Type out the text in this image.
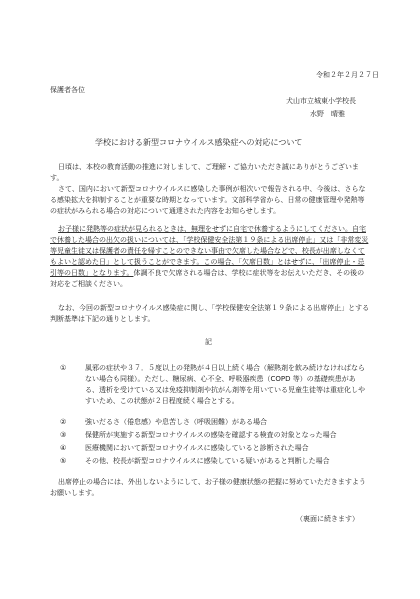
令和２年２月２７日
保護者各位
犬山市立城東小学校長
水野　晴雅
学校における新型コロナウイルス感染症への対応について
日頃は、本校の教育活動の推進に対しまして、ご理解・ご協力いただき誠にありがとうございます。
さて、国内において新型コロナウイルスに感染した事例が相次いで報告される中、今後は、さらなる感染拡大を抑制することが重要な時期となっています。文部科学省から、日常の健康管理や発熱等の症状がみられる場合の対応について通達された内容をお知らせします。
お子様に発熱等の症状が見られるときは、無理をせずに自宅で休養するようにしてください。自宅で休養した場合の出欠の扱いについては、「学校保健安全法第１９条による出席停止」又は「非常変災等児童生徒又は保護者の責任を帰すことのできない事由で欠席した場合などで、校長が出席しなくてもよいと認めた日」として扱うことができます。この場合、「欠席日数」とはせずに、「出席停止・忌引等の日数」となります。体調不良で欠席される場合は、学校に症状等をお伝えいただき、その後の対応をご相談ください。
なお、今回の新型コロナウイルス感染症に関し、「学校保健安全法第１９条による出席停止」とする判断基準は下記の通りとします。
記
①	風邪の症状や３７．５度以上の発熱が４日以上続く場合（解熱剤を飲み続けなければならない場合も同様）。ただし、糖尿病、心不全、呼吸器疾患（COPD 等）の基礎疾患がある、透析を受けている又は免疫抑制剤や抗がん剤等を用いている児童生徒等は重症化しやすいため、この状態が２日程度続く場合とする。
②	強いだるさ（倦怠感）や息苦しさ（呼吸困難）がある場合
③	保健所が実施する新型コロナウイルスの感染を確認する検査の対象となった場合
④	医療機関において新型コロナウイルスに感染していると診断された場合
⑤	その他、校長が新型コロナウイルスに感染している疑いがあると判断した場合
出席停止の場合には、外出しないようにして、お子様の健康状態の把握に努めていただきますようお願いします。
（裏面に続きます）
